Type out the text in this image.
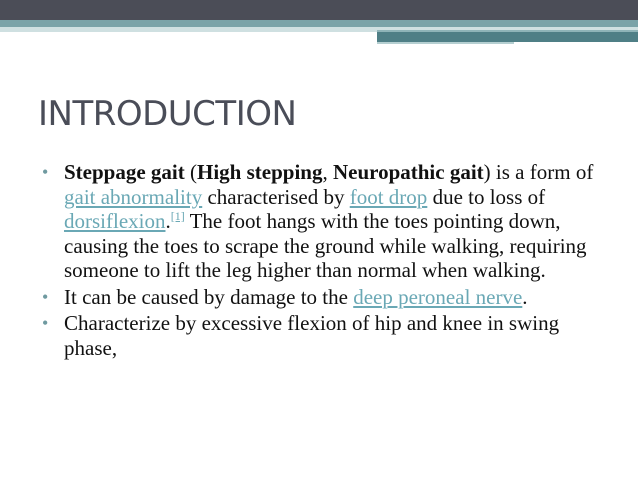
INTRODUCTION
• Steppage gait (High stepping, Neuropathic gait) is a form of gait abnormality characterised by foot drop due to loss of dorsiflexion.[1] The foot hangs with the toes pointing down, causing the toes to scrape the ground while walking, requiring someone to lift the leg higher than normal when walking.
• It can be caused by damage to the deep peroneal nerve.
• Characterize by excessive flexion of hip and knee in swing phase,
